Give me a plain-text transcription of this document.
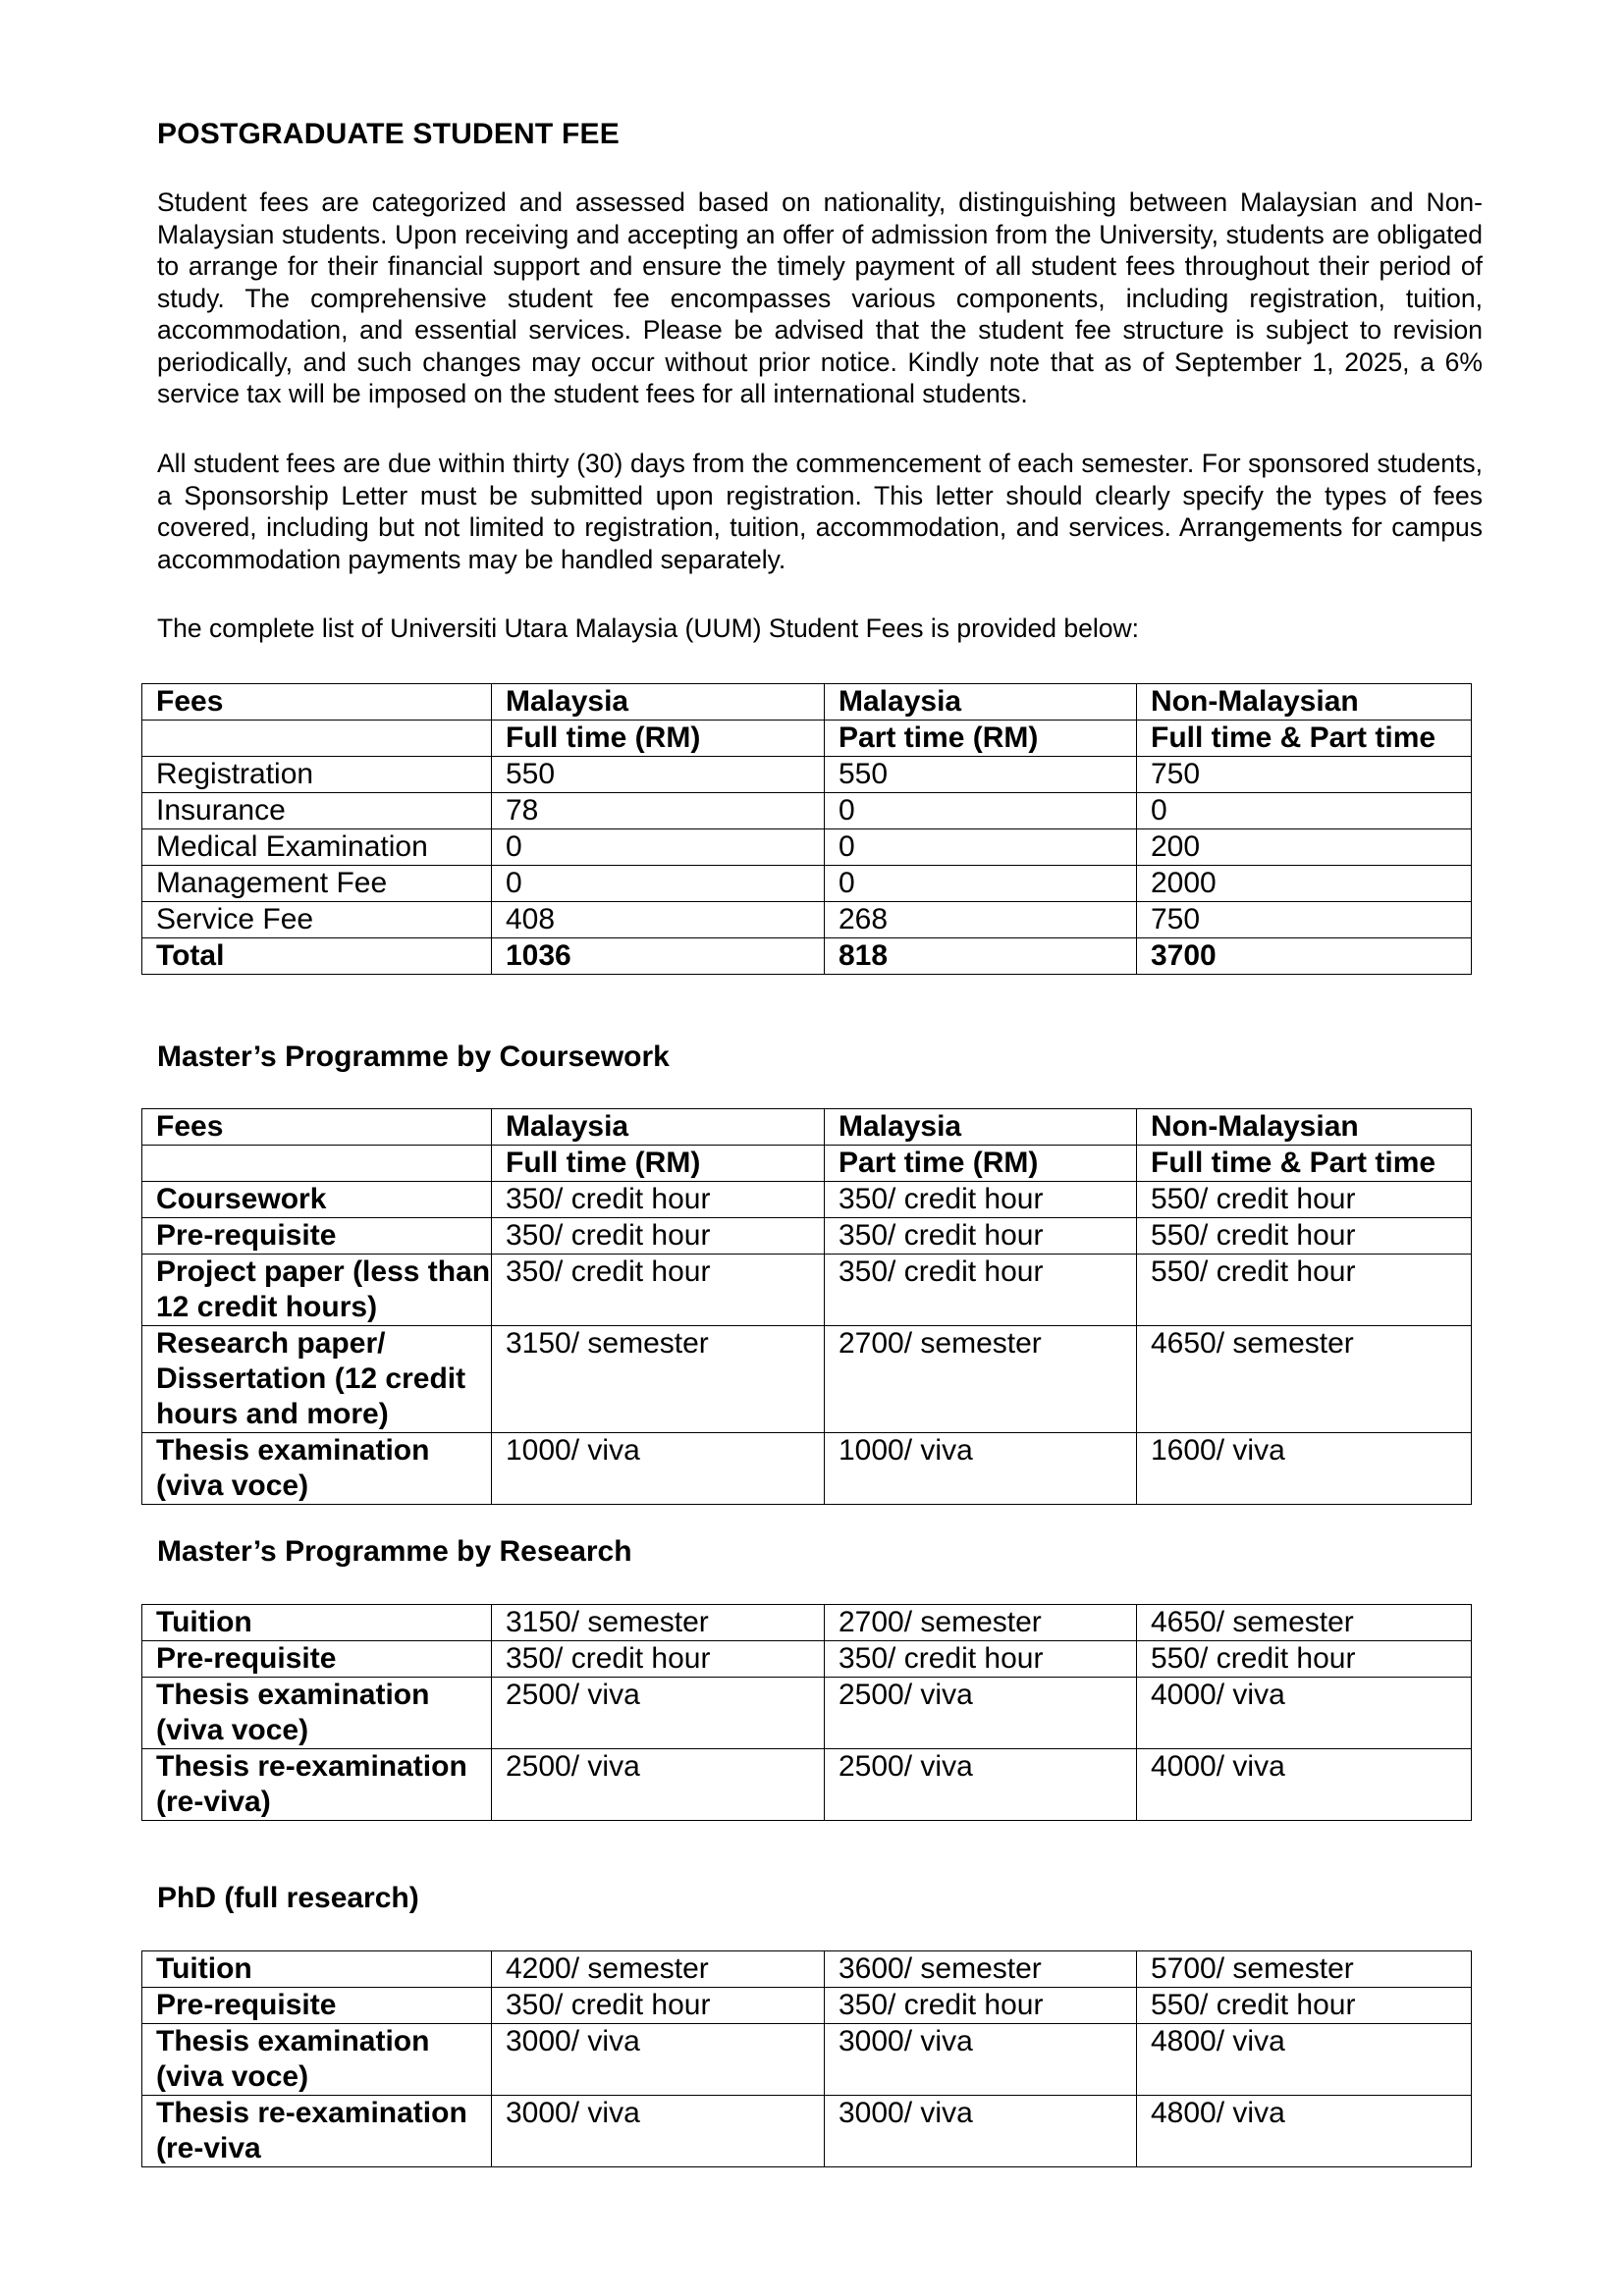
POSTGRADUATE STUDENT FEE
Student fees are categorized and assessed based on nationality, distinguishing between Malaysian and Non-Malaysian students. Upon receiving and accepting an offer of admission from the University, students are obligated to arrange for their financial support and ensure the timely payment of all student fees throughout their period of study. The comprehensive student fee encompasses various components, including registration, tuition, accommodation, and essential services. Please be advised that the student fee structure is subject to revision periodically, and such changes may occur without prior notice. Kindly note that as of September 1, 2025, a 6% service tax will be imposed on the student fees for all international students.
All student fees are due within thirty (30) days from the commencement of each semester. For sponsored students, a Sponsorship Letter must be submitted upon registration. This letter should clearly specify the types of fees covered, including but not limited to registration, tuition, accommodation, and services. Arrangements for campus accommodation payments may be handled separately.
The complete list of Universiti Utara Malaysia (UUM) Student Fees is provided below:
Fees	Malaysia	Malaysia	Non-Malaysian
	Full time (RM)	Part time (RM)	Full time & Part time
Registration	550	550	750
Insurance	78	0	0
Medical Examination	0	0	200
Management Fee	0	0	2000
Service Fee	408	268	750
Total	1036	818	3700
Master’s Programme by Coursework
Fees	Malaysia	Malaysia	Non-Malaysian
	Full time (RM)	Part time (RM)	Full time & Part time
Coursework	350/ credit hour	350/ credit hour	550/ credit hour
Pre-requisite	350/ credit hour	350/ credit hour	550/ credit hour
Project paper (less than 12 credit hours)	350/ credit hour	350/ credit hour	550/ credit hour
Research paper/ Dissertation (12 credit hours and more)	3150/ semester	2700/ semester	4650/ semester
Thesis examination (viva voce)	1000/ viva	1000/ viva	1600/ viva
Master’s Programme by Research
Tuition	3150/ semester	2700/ semester	4650/ semester
Pre-requisite	350/ credit hour	350/ credit hour	550/ credit hour
Thesis examination (viva voce)	2500/ viva	2500/ viva	4000/ viva
Thesis re-examination (re-viva)	2500/ viva	2500/ viva	4000/ viva
PhD (full research)
Tuition	4200/ semester	3600/ semester	5700/ semester
Pre-requisite	350/ credit hour	350/ credit hour	550/ credit hour
Thesis examination (viva voce)	3000/ viva	3000/ viva	4800/ viva
Thesis re-examination (re-viva	3000/ viva	3000/ viva	4800/ viva
